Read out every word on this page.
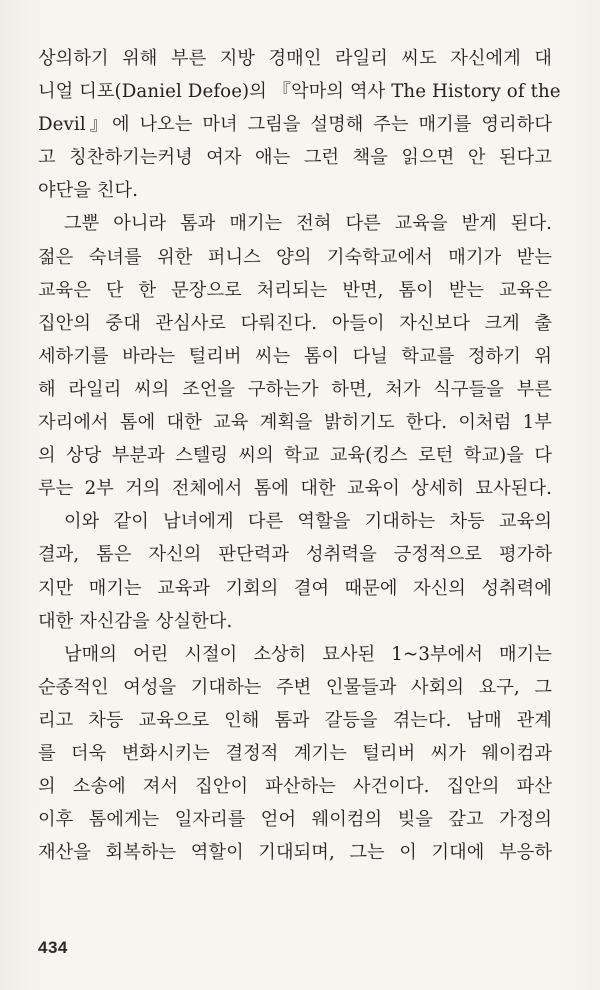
상의하기 위해 부른 지방 경매인 라일리 씨도 자신에게 대
니얼 디포(Daniel Defoe)의 『악마의 역사 The History of the
Devil』에 나오는 마녀 그림을 설명해 주는 매기를 영리하다
고 칭찬하기는커녕 여자 애는 그런 책을 읽으면 안 된다고
야단을 친다.
그뿐 아니라 톰과 매기는 전혀 다른 교육을 받게 된다.
젊은 숙녀를 위한 퍼니스 양의 기숙학교에서 매기가 받는
교육은 단 한 문장으로 처리되는 반면, 톰이 받는 교육은
집안의 중대 관심사로 다뤄진다. 아들이 자신보다 크게 출
세하기를 바라는 털리버 씨는 톰이 다닐 학교를 정하기 위
해 라일리 씨의 조언을 구하는가 하면, 처가 식구들을 부른
자리에서 톰에 대한 교육 계획을 밝히기도 한다. 이처럼 1부
의 상당 부분과 스텔링 씨의 학교 교육(킹스 로턴 학교)을 다
루는 2부 거의 전체에서 톰에 대한 교육이 상세히 묘사된다.
이와 같이 남녀에게 다른 역할을 기대하는 차등 교육의
결과, 톰은 자신의 판단력과 성취력을 긍정적으로 평가하
지만 매기는 교육과 기회의 결여 때문에 자신의 성취력에
대한 자신감을 상실한다.
남매의 어린 시절이 소상히 묘사된 1~3부에서 매기는
순종적인 여성을 기대하는 주변 인물들과 사회의 요구, 그
리고 차등 교육으로 인해 톰과 갈등을 겪는다. 남매 관계
를 더욱 변화시키는 결정적 계기는 털리버 씨가 웨이컴과
의 소송에 져서 집안이 파산하는 사건이다. 집안의 파산
이후 톰에게는 일자리를 얻어 웨이컴의 빚을 갚고 가정의
재산을 회복하는 역할이 기대되며, 그는 이 기대에 부응하
434
